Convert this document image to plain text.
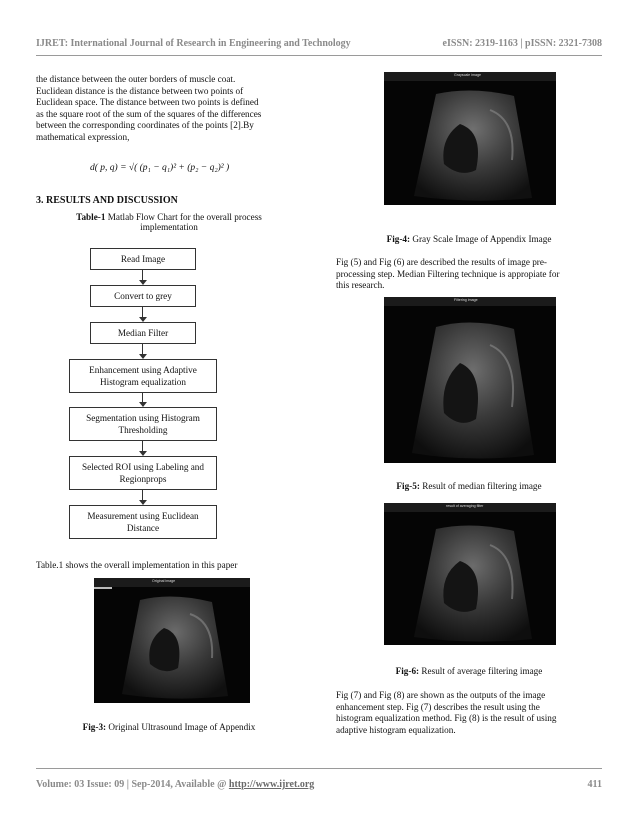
IJRET: International Journal of Research in Engineering and Technology	eISSN: 2319-1163 | pISSN: 2321-7308
the distance between the outer borders of muscle coat.
Euclidean distance is the distance between two points of
Euclidean space. The distance between two points is defined
as the square root of the sum of the squares of the differences
between the corresponding coordinates of the points [2].By
mathematical expression,
d( p, q) = √( (p₁ − q₁)² + (p₂ − q₂)² )
3. RESULTS AND DISCUSSION
Table-1 Matlab Flow Chart for the overall process
implementation
Read Image
Convert to grey
Median Filter
Enhancement using Adaptive Histogram equalization
Segmentation using Histogram Thresholding
Selected ROI using Labeling and Regionprops
Measurement using Euclidean Distance
Table.1 shows the overall implementation in this paper
Original image
Fig-3: Original Ultrasound Image of Appendix
Grayscale image
Fig-4: Gray Scale Image of Appendix Image
Fig (5) and Fig (6) are described the results of image pre-
processing step. Median Filtering technique is appropiate for
this research.
Filtering image
Fig-5: Result of median filtering image
result of averaging filter
Fig-6: Result of average filtering image
Fig (7) and Fig (8) are shown as the outputs of the image
enhancement step. Fig (7) describes the result using the
histogram equalization method. Fig (8) is the result of using
adaptive histogram equalization.
Volume: 03 Issue: 09 | Sep-2014, Available @ http://www.ijret.org	411
